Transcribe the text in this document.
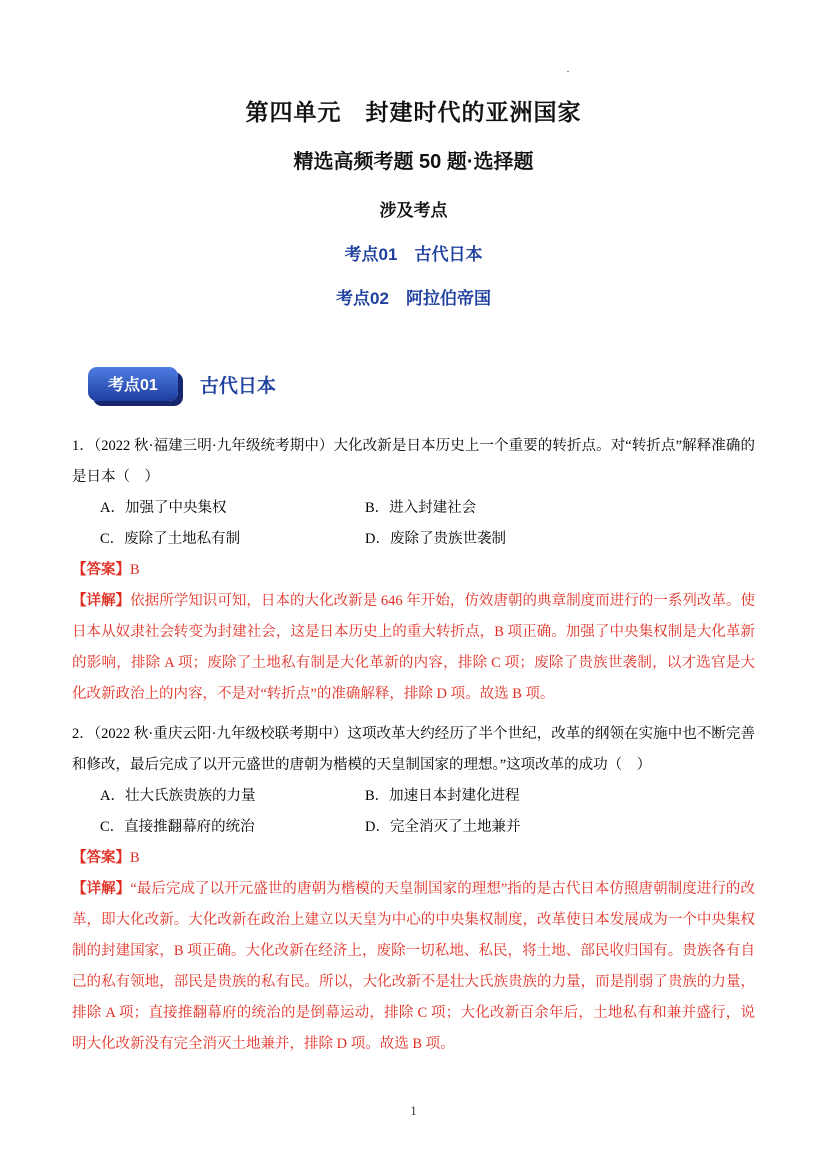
·
第四单元　封建时代的亚洲国家
精选高频考题 50 题·选择题
涉及考点
考点01　古代日本
考点02　阿拉伯帝国
考点01	古代日本

1．（2022 秋·福建三明·九年级统考期中）大化改新是日本历史上一个重要的转折点。对“转折点”解释准确的是日本（　）

A．加强了中央集权	B．进入封建社会
C．废除了土地私有制	D．废除了贵族世袭制

【答案】B

【详解】依据所学知识可知，日本的大化改新是 646 年开始，仿效唐朝的典章制度而进行的一系列改革。使日本从奴隶社会转变为封建社会，这是日本历史上的重大转折点，B 项正确。加强了中央集权制是大化革新的影响，排除 A 项；废除了土地私有制是大化革新的内容，排除 C 项；废除了贵族世袭制，以才选官是大化改新政治上的内容，不是对“转折点”的准确解释，排除 D 项。故选 B 项。

2．（2022 秋·重庆云阳·九年级校联考期中）这项改革大约经历了半个世纪，改革的纲领在实施中也不断完善和修改，最后完成了以开元盛世的唐朝为楷模的天皇制国家的理想。”这项改革的成功（　）

A．壮大氏族贵族的力量	B．加速日本封建化进程
C．直接推翻幕府的统治	D．完全消灭了土地兼并

【答案】B

【详解】“最后完成了以开元盛世的唐朝为楷模的天皇制国家的理想”指的是古代日本仿照唐朝制度进行的改革，即大化改新。大化改新在政治上建立以天皇为中心的中央集权制度，改革使日本发展成为一个中央集权制的封建国家，B 项正确。大化改新在经济上，废除一切私地、私民，将土地、部民收归国有。贵族各有自己的私有领地，部民是贵族的私有民。所以，大化改新不是壮大氏族贵族的力量，而是削弱了贵族的力量，排除 A 项；直接推翻幕府的统治的是倒幕运动，排除 C 项；大化改新百余年后，土地私有和兼并盛行，说明大化改新没有完全消灭土地兼并，排除 D 项。故选 B 项。

1
